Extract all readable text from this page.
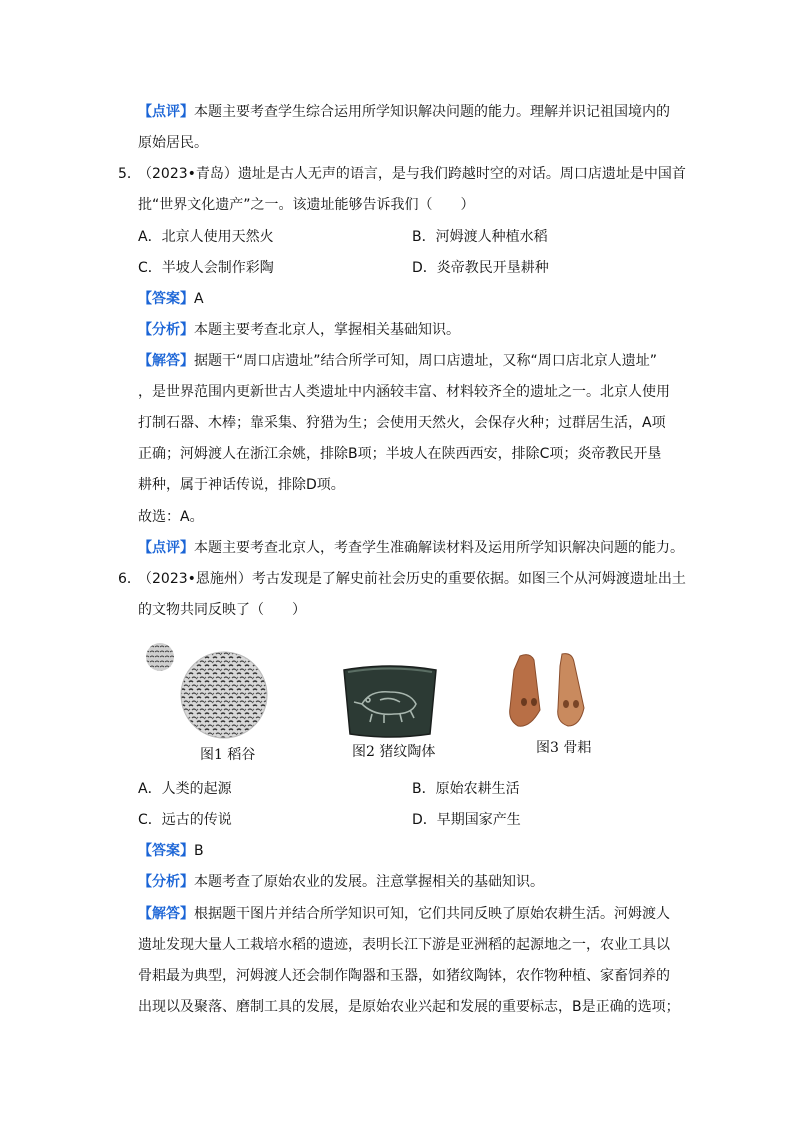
【点评】本题主要考查学生综合运用所学知识解决问题的能力。理解并识记祖国境内的
原始居民。
5．
（2023•青岛）遗址是古人无声的语言，是与我们跨越时空的对话。周口店遗址是中国首
批“世界文化遗产”之一。该遗址能够告诉我们（　　）
A．北京人使用天然火	B．河姆渡人种植水稻
C．半坡人会制作彩陶	D．炎帝教民开垦耕种
【答案】A
【分析】本题主要考查北京人，掌握相关基础知识。
【解答】据题干“周口店遗址”结合所学可知，周口店遗址，又称“周口店北京人遗址”
，是世界范围内更新世古人类遗址中内涵较丰富、材料较齐全的遗址之一。北京人使用
打制石器、木棒；靠采集、狩猎为生；会使用天然火，会保存火种；过群居生活，A项
正确；河姆渡人在浙江余姚，排除B项；半坡人在陕西西安，排除C项；炎帝教民开垦
耕种，属于神话传说，排除D项。
故选：A。
【点评】本题主要考查北京人，考查学生准确解读材料及运用所学知识解决问题的能力。
6．
（2023•恩施州）考古发现是了解史前社会历史的重要依据。如图三个从河姆渡遗址出土
的文物共同反映了（　　）
图1 稻谷	图2 猪纹陶体	图3 骨耜
A．人类的起源	B．原始农耕生活
C．远古的传说	D．早期国家产生
【答案】B
【分析】本题考查了原始农业的发展。注意掌握相关的基础知识。
【解答】根据题干图片并结合所学知识可知，它们共同反映了原始农耕生活。河姆渡人
遗址发现大量人工栽培水稻的遗迹，表明长江下游是亚洲稻的起源地之一，农业工具以
骨耜最为典型，河姆渡人还会制作陶器和玉器，如猪纹陶钵，农作物种植、家畜饲养的
出现以及聚落、磨制工具的发展，是原始农业兴起和发展的重要标志，B是正确的选项；
